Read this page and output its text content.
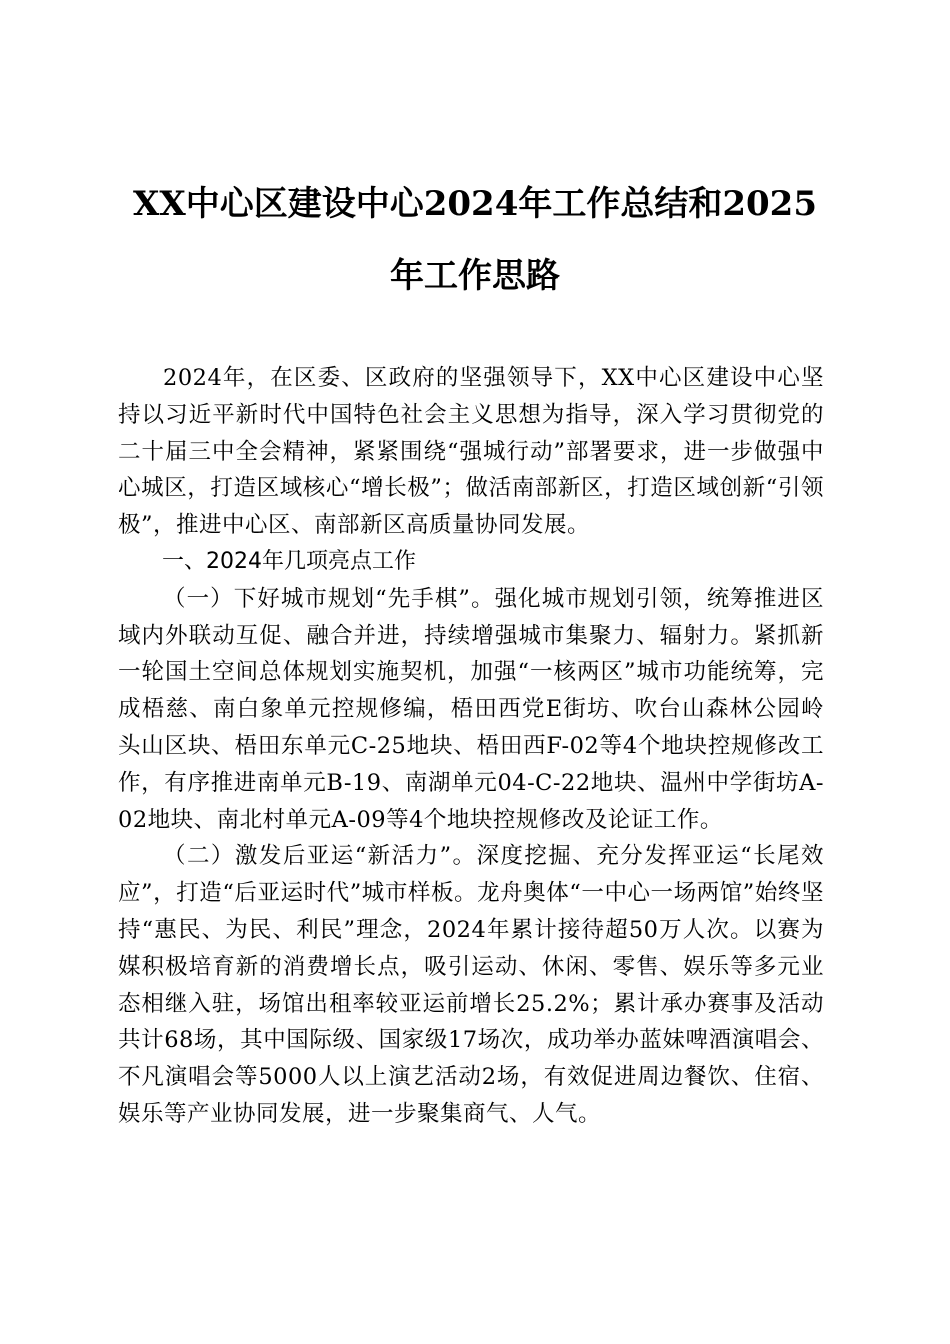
XX中心区建设中心2024年工作总结和2025
年工作思路

2024年，在区委、区政府的坚强领导下，XX中心区建设中心坚持以习近平新时代中国特色社会主义思想为指导，深入学习贯彻党的二十届三中全会精神，紧紧围绕“强城行动”部署要求，进一步做强中心城区，打造区域核心“增长极”；做活南部新区，打造区域创新“引领极”，推进中心区、南部新区高质量协同发展。

一、2024年几项亮点工作

（一）下好城市规划“先手棋”。强化城市规划引领，统筹推进区域内外联动互促、融合并进，持续增强城市集聚力、辐射力。紧抓新一轮国土空间总体规划实施契机，加强“一核两区”城市功能统筹，完成梧慈、南白象单元控规修编，梧田西党E街坊、吹台山森林公园岭头山区块、梧田东单元C-25地块、梧田西F-02等4个地块控规修改工作，有序推进南单元B-19、南湖单元04-C-22地块、温州中学街坊A-02地块、南北村单元A-09等4个地块控规修改及论证工作。

（二）激发后亚运“新活力”。深度挖掘、充分发挥亚运“长尾效应”，打造“后亚运时代”城市样板。龙舟奥体“一中心一场两馆”始终坚持“惠民、为民、利民”理念，2024年累计接待超50万人次。以赛为媒积极培育新的消费增长点，吸引运动、休闲、零售、娱乐等多元业态相继入驻，场馆出租率较亚运前增长25.2%；累计承办赛事及活动共计68场，其中国际级、国家级17场次，成功举办蓝妹啤酒演唱会、不凡演唱会等5000人以上演艺活动2场，有效促进周边餐饮、住宿、娱乐等产业协同发展，进一步聚集商气、人气。
